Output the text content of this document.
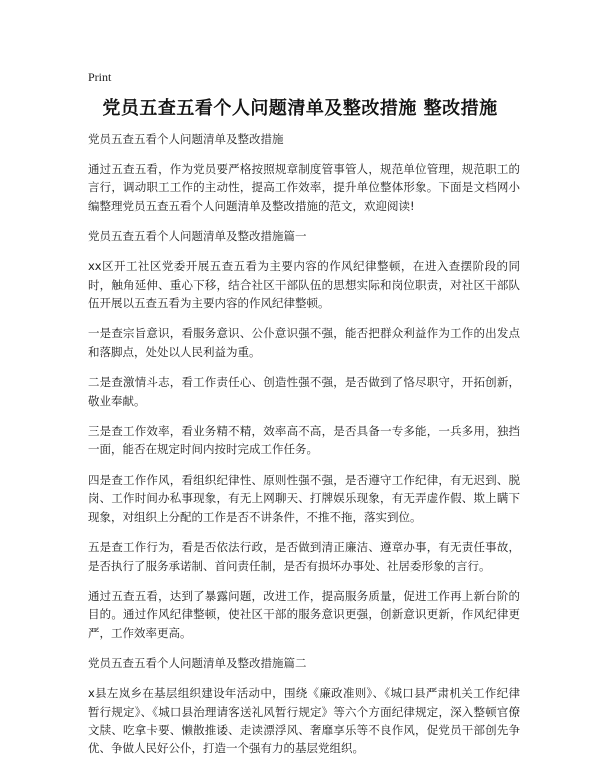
Print
党员五查五看个人问题清单及整改措施 整改措施

党员五查五看个人问题清单及整改措施

通过五查五看，作为党员要严格按照规章制度管事管人，规范单位管理，规范职工的言行，调动职工工作的主动性，提高工作效率，提升单位整体形象。下面是文档网小编整理党员五查五看个人问题清单及整改措施的范文，欢迎阅读!

党员五查五看个人问题清单及整改措施篇一

xx区开工社区党委开展五查五看为主要内容的作风纪律整顿，在进入查摆阶段的同时，触角延伸、重心下移，结合社区干部队伍的思想实际和岗位职责，对社区干部队伍开展以五查五看为主要内容的作风纪律整顿。

一是查宗旨意识，看服务意识、公仆意识强不强，能否把群众利益作为工作的出发点和落脚点，处处以人民利益为重。

二是查激情斗志，看工作责任心、创造性强不强，是否做到了恪尽职守，开拓创新，敬业奉献。

三是查工作效率，看业务精不精，效率高不高，是否具备一专多能，一兵多用，独挡一面，能否在规定时间内按时完成工作任务。

四是查工作作风，看组织纪律性、原则性强不强，是否遵守工作纪律，有无迟到、脱岗、工作时间办私事现象，有无上网聊天、打牌娱乐现象，有无弄虚作假、欺上瞒下现象，对组织上分配的工作是否不讲条件，不推不拖，落实到位。

五是查工作行为，看是否依法行政，是否做到清正廉洁、遵章办事，有无责任事故，是否执行了服务承诺制、首问责任制，是否有损坏办事处、社居委形象的言行。

通过五查五看，达到了暴露问题，改进工作，提高服务质量，促进工作再上新台阶的目的。通过作风纪律整顿，使社区干部的服务意识更强，创新意识更新，作风纪律更严，工作效率更高。

党员五查五看个人问题清单及整改措施篇二

x县左岚乡在基层组织建设年活动中，围绕《廉政准则》、《城口县严肃机关工作纪律暂行规定》、《城口县治理请客送礼风暂行规定》等六个方面纪律规定，深入整顿官僚文牍、吃拿卡要、懒散推诿、走读漂浮风、奢靡享乐等不良作风，促党员干部创先争优、争做人民好公仆，打造一个强有力的基层党组织。
